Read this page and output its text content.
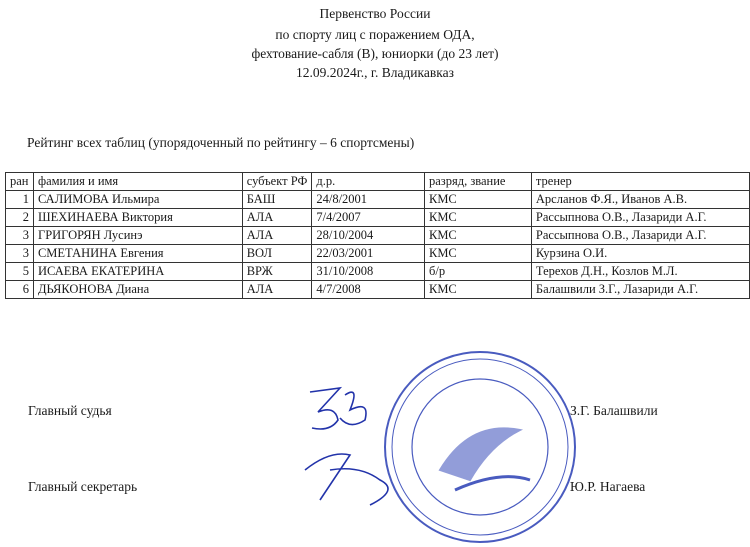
Первенство России
по спорту лиц с поражением ОДА,
фехтование-сабля (В), юниорки (до 23 лет)
12.09.2024г., г. Владикавказ
Рейтинг всех таблиц (упорядоченный по рейтингу – 6 спортсмены)
ран	фамилия и имя	субъект РФ	д.р.	разряд, звание	тренер
1	САЛИМОВА Ильмира	БАШ	24/8/2001	КМС	Арсланов Ф.Я., Иванов А.В.
2	ШЕХИНАЕВА Виктория	АЛА	7/4/2007	КМС	Рассыпнова О.В., Лазариди А.Г.
3	ГРИГОРЯН Лусинэ	АЛА	28/10/2004	КМС	Рассыпнова О.В., Лазариди А.Г.
3	СМЕТАНИНА Евгения	ВОЛ	22/03/2001	КМС	Курзина О.И.
5	ИСАЕВА ЕКАТЕРИНА	ВРЖ	31/10/2008	б/р	Терехов Д.Н., Козлов М.Л.
6	ДЬЯКОНОВА Диана	АЛА	4/7/2008	КМС	Балашвили З.Г., Лазариди А.Г.
Главный судья	З.Г. Балашвили
Главный секретарь	Ю.Р. Нагаева
